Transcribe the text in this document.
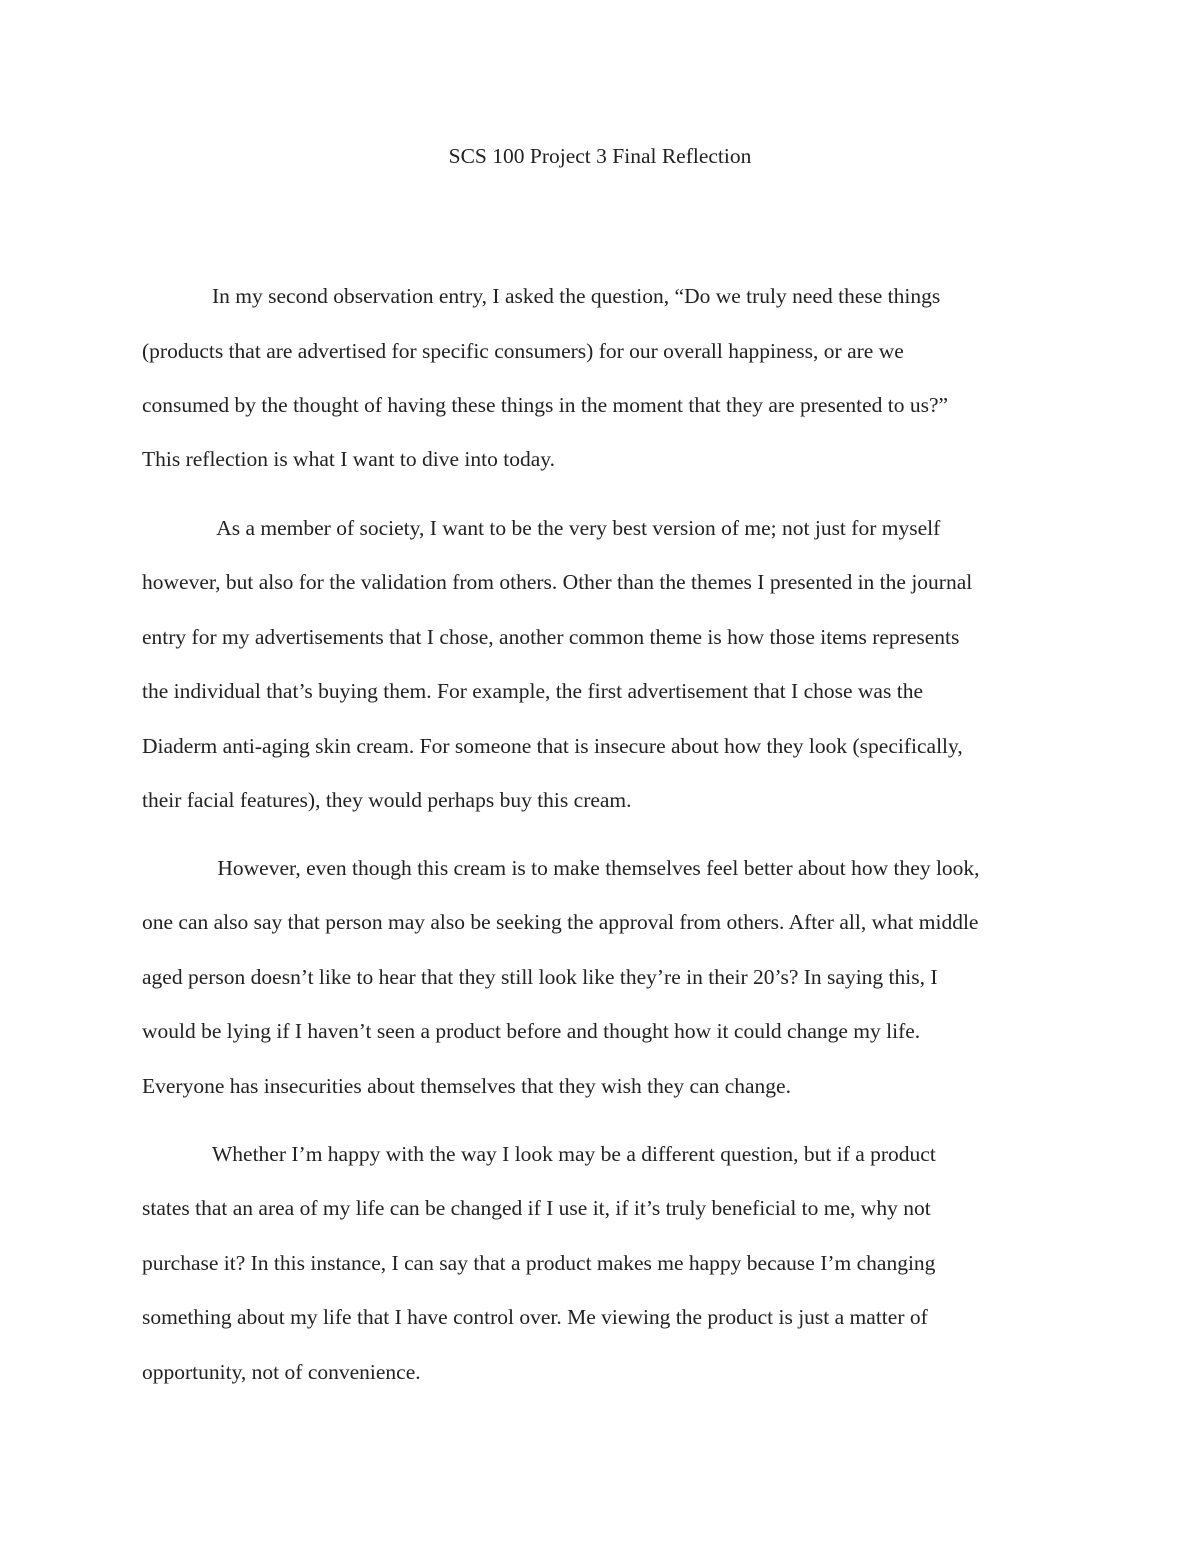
SCS 100 Project 3 Final Reflection
In my second observation entry, I asked the question, “Do we truly need these things
(products that are advertised for specific consumers) for our overall happiness, or are we
consumed by the thought of having these things in the moment that they are presented to us?”
This reflection is what I want to dive into today.
As a member of society, I want to be the very best version of me; not just for myself
however, but also for the validation from others. Other than the themes I presented in the journal
entry for my advertisements that I chose, another common theme is how those items represents
the individual that’s buying them. For example, the first advertisement that I chose was the
Diaderm anti-aging skin cream. For someone that is insecure about how they look (specifically,
their facial features), they would perhaps buy this cream.
However, even though this cream is to make themselves feel better about how they look,
one can also say that person may also be seeking the approval from others. After all, what middle
aged person doesn’t like to hear that they still look like they’re in their 20’s? In saying this, I
would be lying if I haven’t seen a product before and thought how it could change my life.
Everyone has insecurities about themselves that they wish they can change.
Whether I’m happy with the way I look may be a different question, but if a product
states that an area of my life can be changed if I use it, if it’s truly beneficial to me, why not
purchase it? In this instance, I can say that a product makes me happy because I’m changing
something about my life that I have control over. Me viewing the product is just a matter of
opportunity, not of convenience.
